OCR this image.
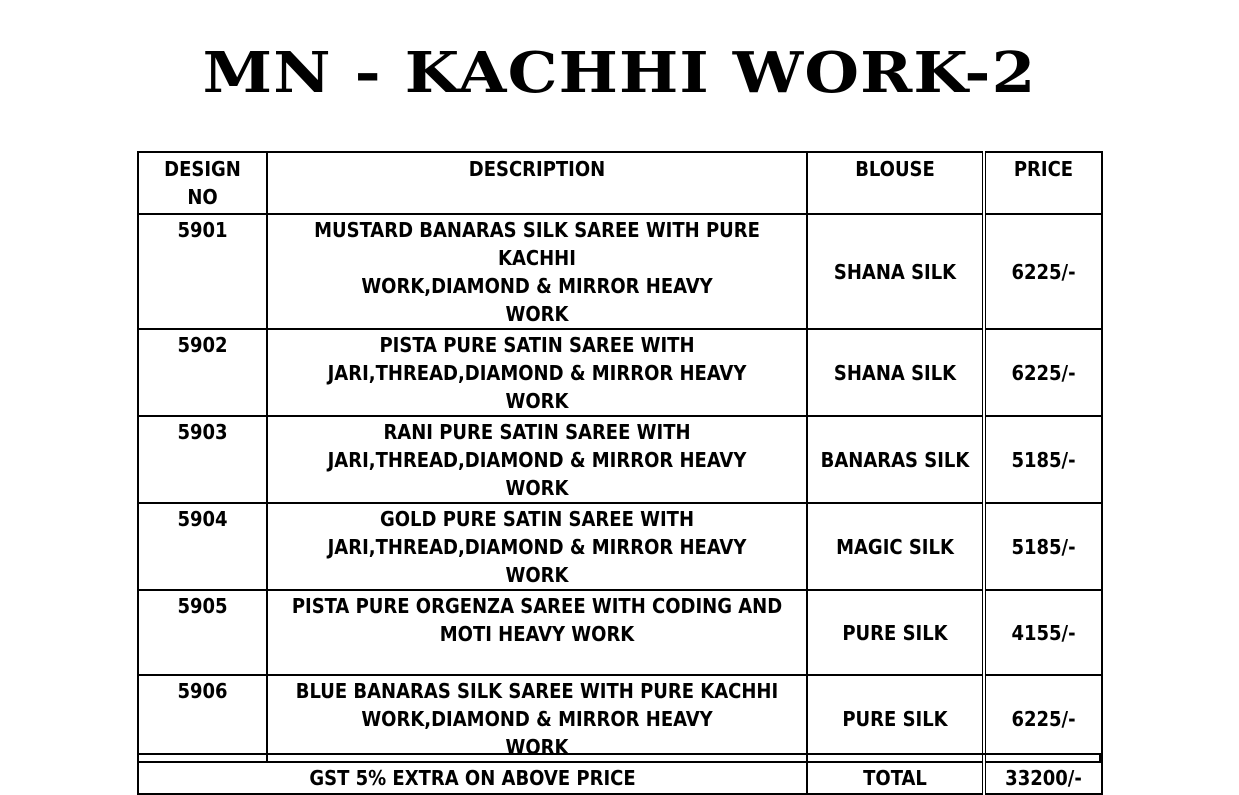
MN - KACHHI WORK-2
DESIGN
NO	DESCRIPTION	BLOUSE	PRICE
5901	MUSTARD BANARAS SILK SAREE WITH PURE KACHHI
WORK,DIAMOND & MIRROR HEAVY
WORK	SHANA SILK	6225/-
5902	PISTA PURE SATIN SAREE WITH
JARI,THREAD,DIAMOND & MIRROR HEAVY
WORK	SHANA SILK	6225/-
5903	RANI PURE SATIN SAREE WITH
JARI,THREAD,DIAMOND & MIRROR HEAVY
WORK	BANARAS SILK	5185/-
5904	GOLD PURE SATIN SAREE WITH
JARI,THREAD,DIAMOND & MIRROR HEAVY
WORK	MAGIC SILK	5185/-
5905	PISTA PURE ORGENZA SAREE WITH CODING AND
MOTI HEAVY WORK	PURE SILK	4155/-
5906	BLUE BANARAS SILK SAREE WITH PURE KACHHI
WORK,DIAMOND & MIRROR HEAVY
WORK	PURE SILK	6225/-
GST 5% EXTRA ON ABOVE PRICE		TOTAL	33200/-
